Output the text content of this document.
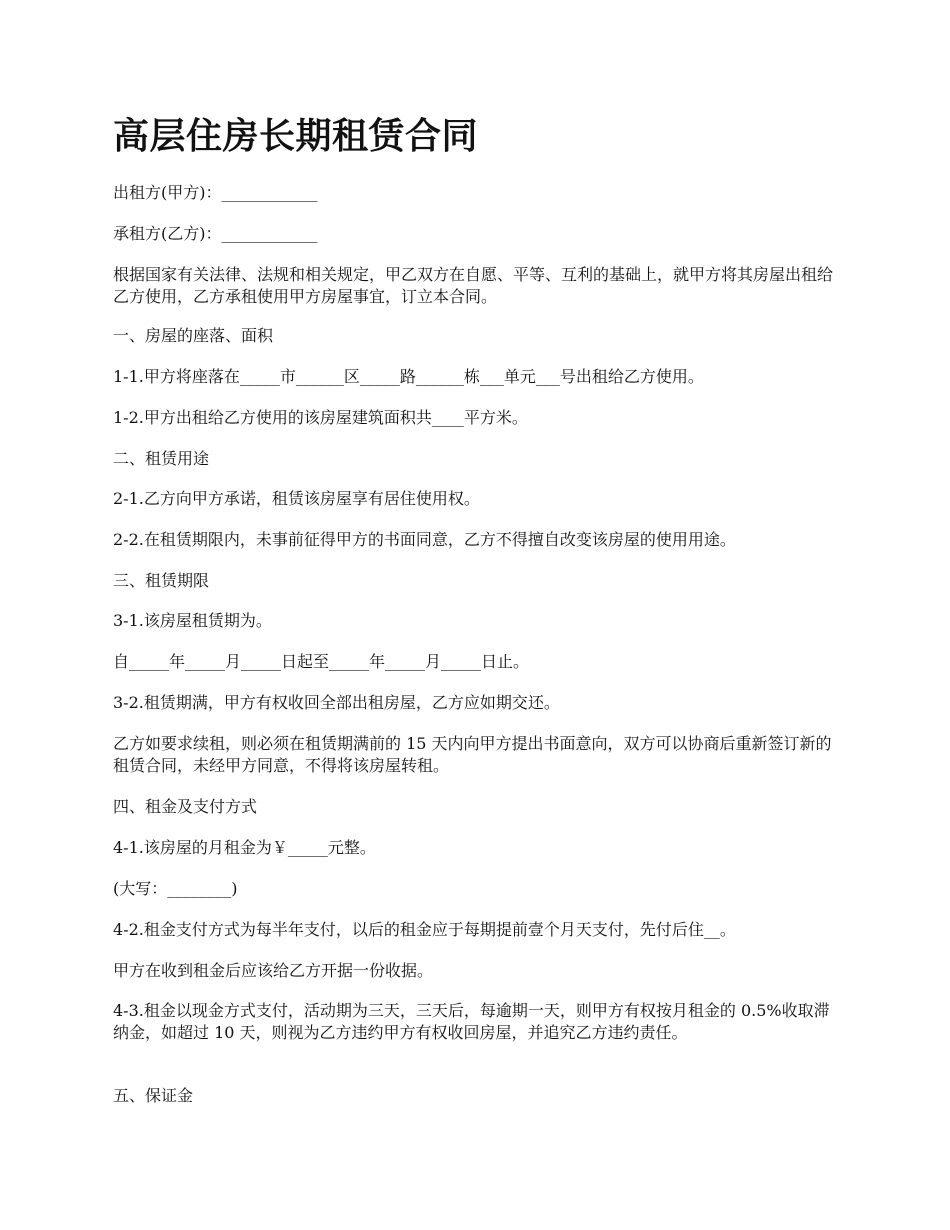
高层住房长期租赁合同
出租方(甲方)：____________
承租方(乙方)：____________
根据国家有关法律、法规和相关规定，甲乙双方在自愿、平等、互利的基础上，就甲方将其房屋出租给乙方使用，乙方承租使用甲方房屋事宜，订立本合同。
一、房屋的座落、面积
1-1.甲方将座落在_____市______区_____路______栋___单元___号出租给乙方使用。
1-2.甲方出租给乙方使用的该房屋建筑面积共____平方米。
二、租赁用途
2-1.乙方向甲方承诺，租赁该房屋享有居住使用权。
2-2.在租赁期限内，未事前征得甲方的书面同意，乙方不得擅自改变该房屋的使用用途。
三、租赁期限
3-1.该房屋租赁期为。
自_____年_____月_____日起至_____年_____月_____日止。
3-2.租赁期满，甲方有权收回全部出租房屋，乙方应如期交还。
乙方如要求续租，则必须在租赁期满前的 15 天内向甲方提出书面意向，双方可以协商后重新签订新的租赁合同，未经甲方同意，不得将该房屋转租。
四、租金及支付方式
4-1.该房屋的月租金为￥_____元整。
(大写：________)
4-2.租金支付方式为每半年支付，以后的租金应于每期提前壹个月天支付，先付后住__。
甲方在收到租金后应该给乙方开据一份收据。
4-3.租金以现金方式支付，活动期为三天，三天后，每逾期一天，则甲方有权按月租金的 0.5%收取滞纳金，如超过 10 天，则视为乙方违约甲方有权收回房屋，并追究乙方违约责任。
五、保证金
